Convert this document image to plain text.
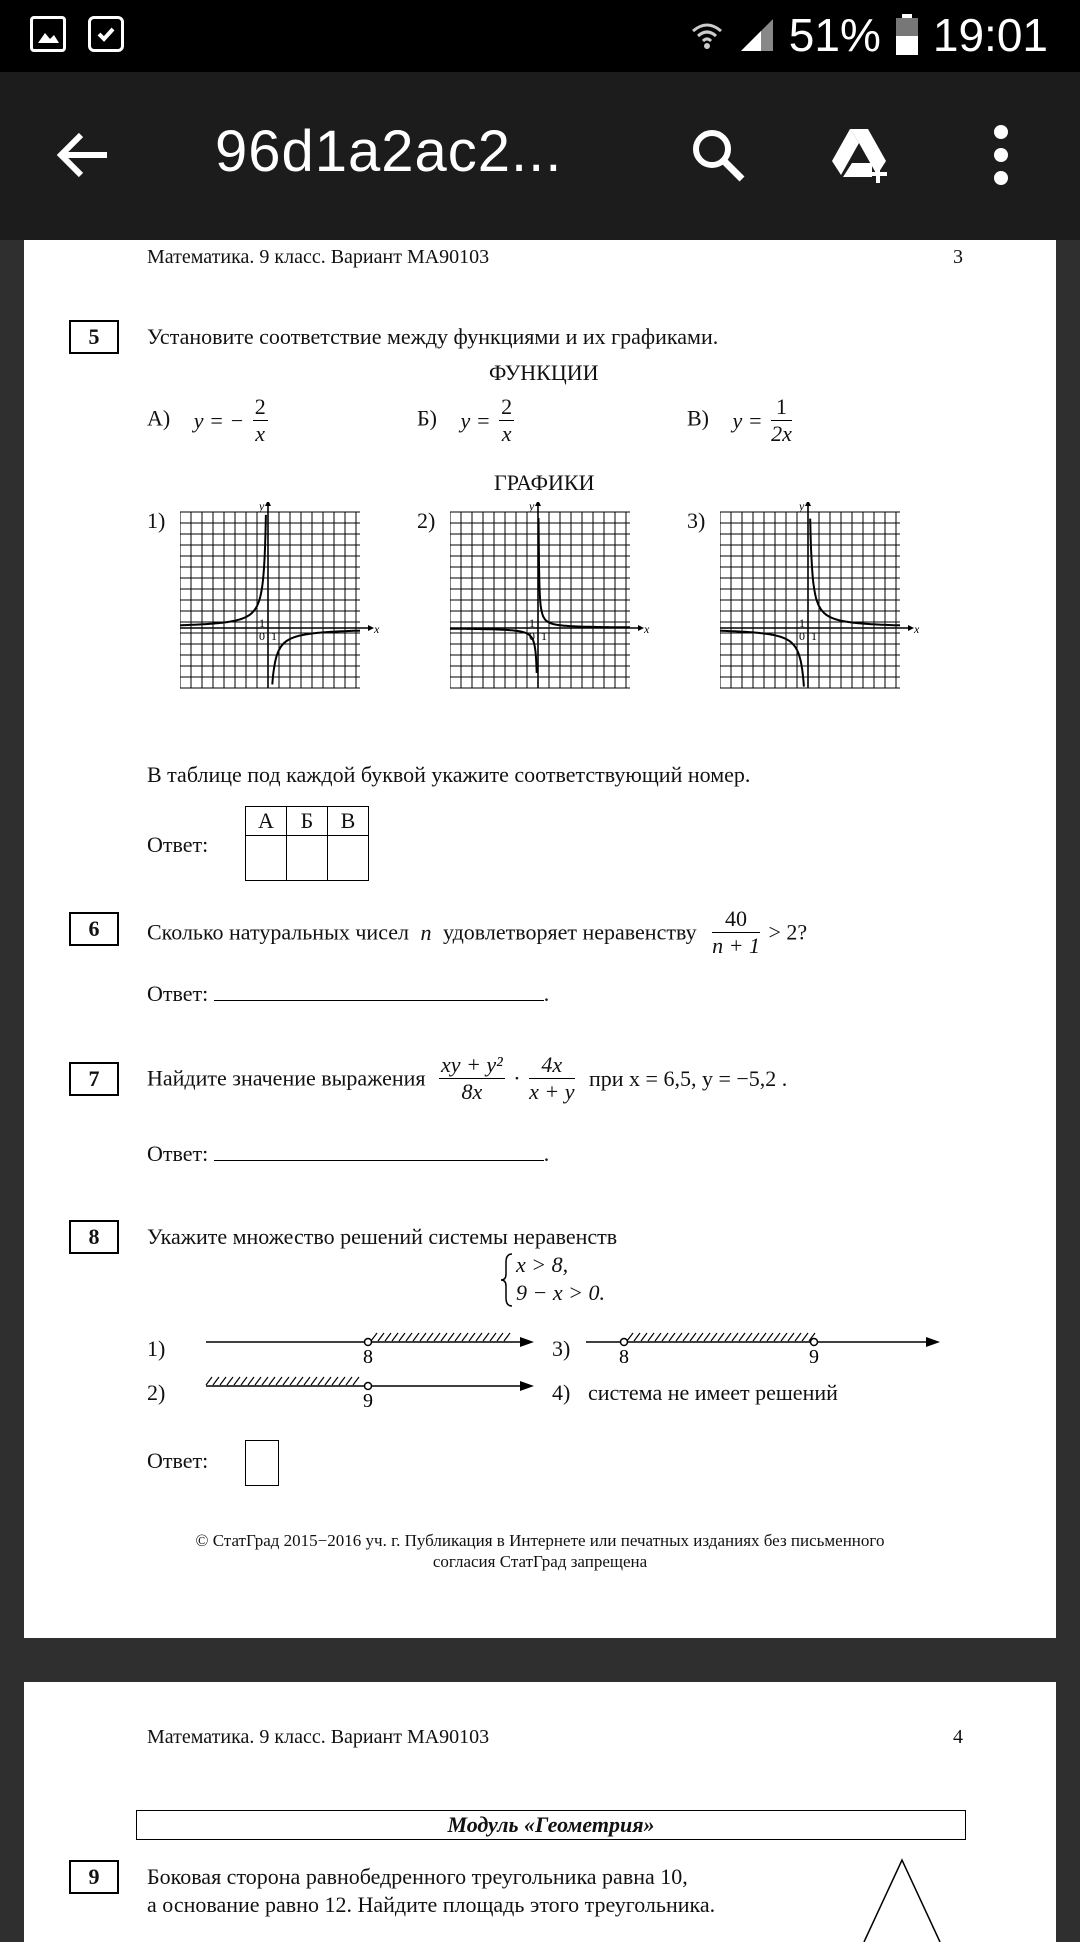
51% 19:01
96d1a2ac2...
Математика. 9 класс. Вариант МА90103	3
5	Установите соответствие между функциями и их графиками.
ФУНКЦИИ
А) y = − $\frac{2}{x}$	Б) $y = \frac{2}{x}$	В) $y = \frac{1}{2x}$
ГРАФИКИ
1)	2)	3)
x
y
0 1
1	x
y
0 1
1	x
y
0 1
1
В таблице под каждой буквой укажите соответствующий номер.
Ответ:
А	Б	В

6	Сколько натуральных чисел n удовлетворяет неравенству $\frac{40}{n + 1} > 2$?
Ответ:	.
7	Найдите значение выражения $\frac{\text{xy + y²}}{8x} \cdot \frac{4x}{x + y}$ при x = 6,5, y = −5,2 .
Ответ:	.
8	Укажите множество решений системы неравенств
x > 8,
9 − x > 0.
1)	8
2)	9
3) 8	9
4) система не имеет решений
Ответ:
© СтатГрад 2015−2016 уч. г. Публикация в Интернете или печатных изданиях без письменного
согласия СтатГрад запрещена
Математика. 9 класс. Вариант МА90103	4
Модуль «Геометрия»
9	Боковая сторона равнобедренного треугольника равна 10,
а основание равно 12. Найдите площадь этого треугольника.
